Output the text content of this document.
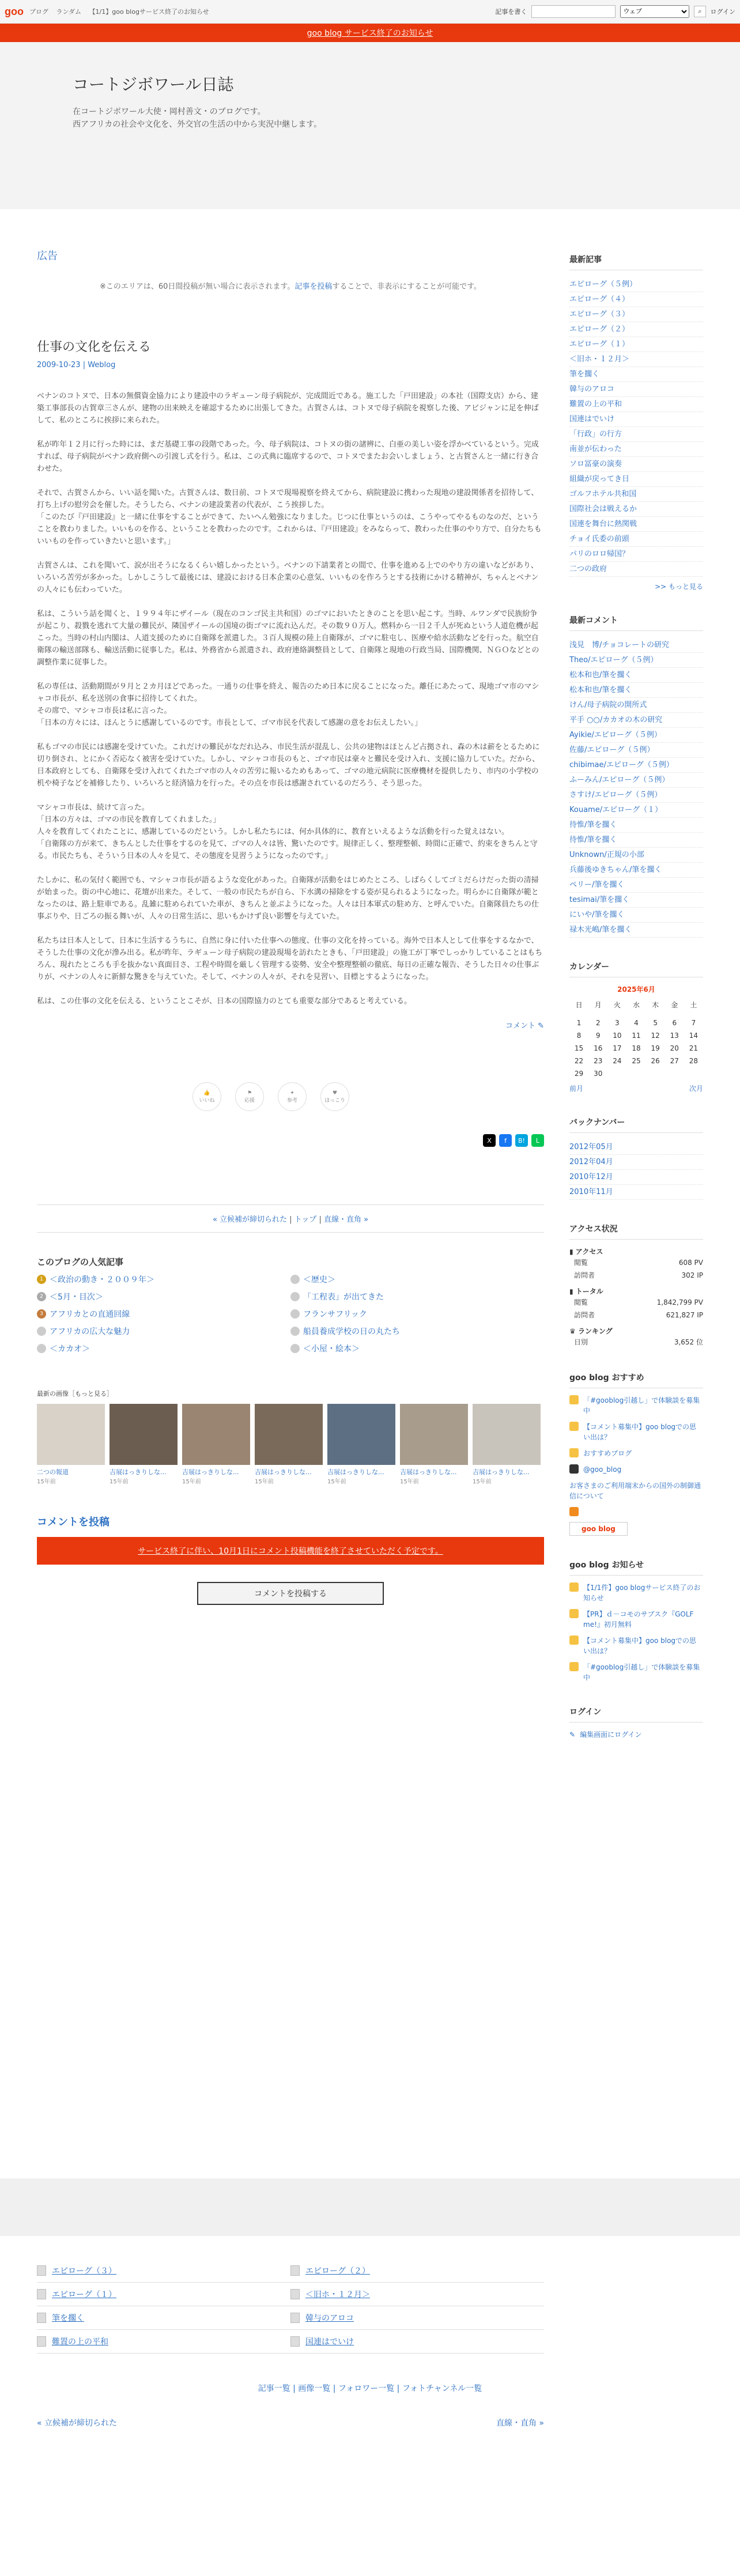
goo ブログ ランダム 【1/1】goo blogサービス終了のお知らせ	記事を書く
ウェブ	⌕	ログイン
goo blog サービス終了のお知らせ
コートジボワール日誌
在コートジボワール大使・岡村善文・のブログです。
西アフリカの社会や文化を、外交官の生活の中から実況中継します。
広告
※このエリアは、60日間投稿が無い場合に表示されます。記事を投稿することで、非表示にすることが可能です。
仕事の文化を伝える
2009-10-23 | Weblog

ベナンのコトヌで、日本の無償資金協力により建設中のラギューン母子病院が、完成間近である。施工した「戸田建設」の本社（国際支店）から、建築工事部長の古賀章三さんが、建物の出来映えを確認するために出張してきた。古賀さんは、コトヌで母子病院を視察した後、アビジャンに足を伸ばして、私のところに挨拶に来られた。

私が昨年１２月に行った時には、まだ基礎工事の段階であった。今、母子病院は、コトヌの街の諸辨に、白亜の美しい姿を浮かべているという。完成すれば、母子病院がベナン政府側への引渡し式を行う。私は、この式典に臨席するので、コトヌでまたお会いしましょう、と古賀さんと一緒に行き合わせた。

それで、古賀さんから、いい話を聞いた。古賀さんは、数日前、コトヌで現場視察を終えてから、病院建設に携わった現地の建設関係者を招待して、打ち上げの慰労会を催した。そうしたら、ベナンの建設業者の代表が、こう挨拶した。
「このたび『戸田建設』と一緒に仕事をすることができて、たいへん勉強になりました。じつに仕事というのは、こうやってやるものなのだ、ということを教わりました。いいものを作る、ということを教わったのです。これからは、『戸田建設』をみならって、教わった仕事のやり方で、自分たちもいいものを作っていきたいと思います。」

古賀さんは、これを聞いて、涙が出そうになるくらい嬉しかったという。ベナンの下請業者との間で、仕事を進める上でのやり方の違いなどがあり、いろいろ苦労が多かった。しかしこうして最後には、建設における日本企業の心意気、いいものを作ろうとする技術にかける精神が、ちゃんとベナンの人々にも伝わっていた。

私は、こういう話を聞くと、１９９４年にザイール（現在のコンゴ民主共和国）のゴマにおいたときのことを思い起こす。当時、ルワンダで民族紛争が起こり、殺戮を逃れて大量の難民が、隣国ザイールの国境の街ゴマに流れ込んだ。その数９０万人。燃料から一日２千人が死ぬという人道危機が起こった。当時の村山内閣は、人道支援のために自衛隊を派遣した。３百人規模の陸上自衛隊が、ゴマに駐屯し、医療や給水活動などを行った。航空自衛隊の輸送部隊も、輸送活動に従事した。私は、外務省から派遣され、政府連絡調整員として、自衛隊と現地の行政当局、国際機関、ＮＧＯなどとの調整作業に従事した。

私の専任は、活動期間が９月と２カ月ほどであった。一通りの仕事を終え、報告のため日本に戻ることになった。離任にあたって、現地ゴマ市のマシャコ市長が、私を送別の食事に招待してくれた。
その席で、マシャコ市長は私に言った。
「日本の方々には、ほんとうに感謝しているのです。市長として、ゴマ市民を代表して感謝の意をお伝えしたい。」

私もゴマの市民には感謝を受けていた。これだけの難民がなだれ込み、市民生活が混乱し、公共の建物はほとんど占拠され、森の木は薪をとるために切り倒され、とにかく否応なく被害を受けていた。しかし、マシャコ市長のもと、ゴマ市民は豪々と難民を受け入れ、支援に協力していた。だから、日本政府としても、自衛隊を受け入れてくれたゴマ市の人々の苦労に報いるためもあって、ゴマの地元病院に医療機材を提供したり、市内の小学校の机や椅子などを補修したり、いろいろと経済協力を行った。その点を市長は感謝されているのだろう、そう思った。

マシャコ市長は、続けて言った。
「日本の方々は、ゴマの市民を教育してくれました。」
人々を教育してくれたことに、感謝しているのだという。しかし私たちには、何か具体的に、教育といえるような活動を行った覚えはない。
「自衛隊の方が来て、きちんとした仕事をするのを見て、ゴマの人々は皆、驚いたのです。規律正しく、整理整頓、時間に正確で、約束をきちんと守る。市民たちも、そういう日本の人々を見て、その態度を見習うようになったのです。」

たしかに、私の気付く範囲でも、マシャコ市長が語るような変化があった。自衛隊が活動をはじめたところ、しばらくしてゴミだらけだった街の清掃が始まった。街の中心地に、花壇が出来た。そして、一般の市民たちが自ら、下水溝の掃除をする姿が見られるようになった。明らかに自衛隊が範となったのは、路上駐車である。乱雑に駐められていた車が、きちんと並ぶようになった。人々は日本軍式の駐め方、と呼んでいた。自衛隊員たちの仕事ぶりや、日ごろの振る舞いが、人々の日常生活に、思いもかけず良い影響を与えていた。

私たちは日本人として、日本に生活するうちに、自然に身に付いた仕事への態度、仕事の文化を持っている。海外で日本人として仕事をするなかで、そうした仕事の文化が滲み出る。私が昨年、ラギューン母子病院の建設現場を訪れたときも、「戸田建設」の施工が丁寧でしっかりしていることはもちろん、現れたところも手を抜かない真面目さ、工程や時間を厳しく管理する姿勢、安全や整理整頓の徹底、毎日の正確な報告、そうした日々の仕事ぶりが、ベナンの人々に新鮮な驚きを与えていた。そして、ベナンの人々が、それを見習い、目標とするようになった。

私は、この仕事の文化を伝える、ということこそが、日本の国際協力のとても重要な部分であると考えている。

コメント ✎
👍
いいね
⚑
応援
✦
参考
♥
ほっこり
X	f	B!	L
« 立候補が締切られた | トップ | 直線・直角 »
このブログの人気記事
1 ＜政治の動き・２００９年＞	＜歴史＞
2 ＜5月・目次＞	「工程表」が出てきた
3 アフリカとの直通回線	フランサフリック
アフリカの広大な魅力	船員養成学校の日の丸たち
＜カカオ＞	＜小屋・絵本＞
最新の画像［もっと見る］
二つの報道
15年前
吉展はっきりしな...
15年前
吉展はっきりしな...
15年前
吉展はっきりしな...
15年前
吉展はっきりしな...
15年前
吉展はっきりしな...
15年前
吉展はっきりしな...
15年前
コメントを投稿
サービス終了に伴い、10月1日にコメント投稿機能を終了させていただく予定です。
コメントを投稿する
最新記事
エピローグ（５例）
エピローグ（４）
エピローグ（３）
エピローグ（２）
エピローグ（１）
＜旧ホ・１２月＞
筆を擱く
韓与のアロコ
難置の上の平和
国連はでいけ
「行政」の行方
南並が伝わった
ソロ冨豪の演奏
組織が戻ってき日
ゴルフホテル共和国
国際社会は戦えるか
国連を舞台に熱関戦
チョイ氏委の前頭
パリのロロ帰国？
二つの政府
>> もっと見る
最新コメント
浅見　博/チョコレートの研究
Theo/エピローグ（５例）
松本和也/筆を擱く
松本和也/筆を擱く
けん/母子病院の開所式
平手 ○○/カカオの木の研究
Ayikie/エピローグ（５例）
佐藤/エピローグ（５例）
chibimae/エピローグ（５例）
ふーみん/エピローグ（５例）
さすけ/エピローグ（５例）
Kouame/エピローグ（１）
待惟/筆を擱く
待惟/筆を擱く
Unknown/正規の小部
兵藤後ゆきちゃん/筆を擱く
ペリー/筆を擱く
tesimai/筆を擱く
にいや/筆を擱く
禄木光嶋/筆を擱く
カレンダー
2025年6月
日	月	火	水	木	金	土

1	2	3	4	5	6	7
8	9	10	11	12	13	14
15	16	17	18	19	20	21
22	23	24	25	26	27	28
29	30					
前月	次月
バックナンバー
2012年05月
2012年04月
2010年12月
2010年11月
アクセス状況
▮ アクセス
閲覧	608 PV
訪問者	302 IP
▮ トータル
閲覧	1,842,799 PV
訪問者	621,827 IP
♛ ランキング
日別	3,652 位
goo blog おすすめ
「#gooblog引越し」で体験談を募集中
【コメント募集中】goo blogでの思い出は？
おすすめブログ
@goo_blog
お客さまのご利用端末からの国外の制御通信について
goo blog
goo blog お知らせ
【1/1件】goo blogサービス終了のお知らせ
【PR】ｄ－コモのサブスク『GOLF me!』初月無料
【コメント募集中】goo blogでの思い出は？
「#gooblog引越し」で体験談を募集中
ログイン
✎ 編集画面にログイン
エピローグ（３）	エピローグ（２）
エピローグ（１）	＜旧ホ・１２月＞
筆を擱く	韓与のアロコ
難置の上の平和	国連はでいけ
記事一覧 | 画像一覧 | フォロワー一覧 | フォトチャンネル一覧
« 立候補が締切られた	直線・直角 »
